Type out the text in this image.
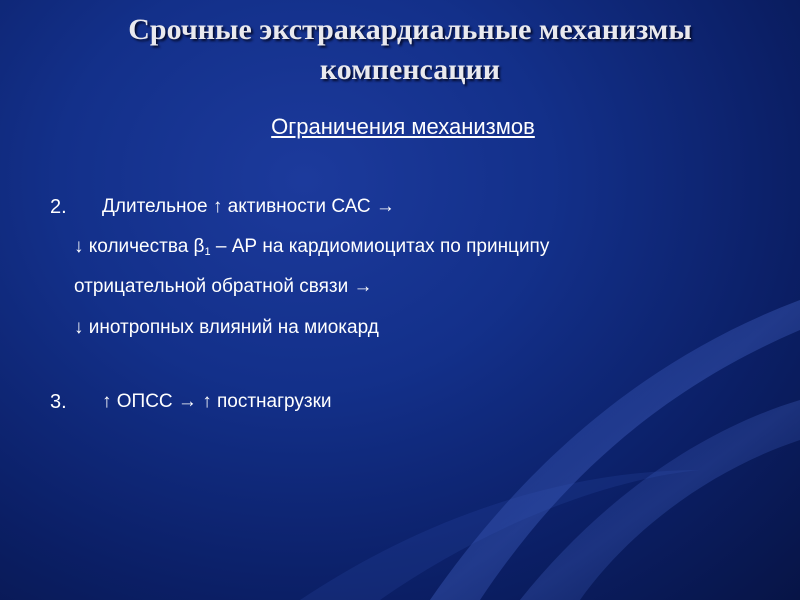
Срочные экстракардиальные механизмы
компенсации
Ограничения механизмов
2. Длительное ↑ активности САС →
↓ количества $\beta_1$ – АР на кардиомиоцитах по принципу
отрицательной обратной связи →
↓ инотропных влияний на миокард
3. ↑ ОПСС → ↑ постнагрузки
